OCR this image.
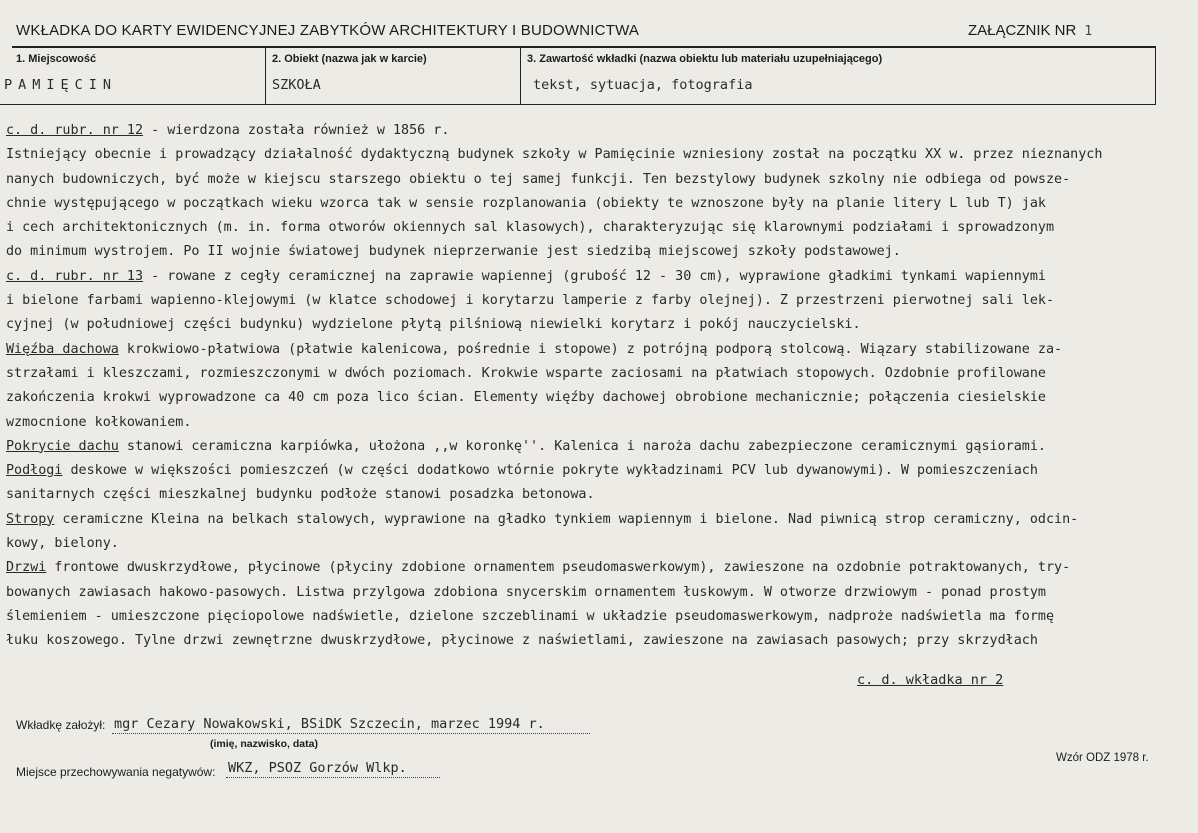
WKŁADKA DO KARTY EWIDENCYJNEJ ZABYTKÓW ARCHITEKTURY I BUDOWNICTWA	ZAŁĄCZNIK NR 1
1. Miejscowość
PAMIĘCIN
2. Obiekt (nazwa jak w karcie)
SZKOŁA
3. Zawartość wkładki (nazwa obiektu lub materiału uzupełniającego)
tekst, sytuacja, fotografia
c. d. rubr. nr 12 - wierdzona została również w 1856 r.
Istniejący obecnie i prowadzący działalność dydaktyczną budynek szkoły w Pamięcinie wzniesiony został na początku XX w. przez nieznanych
nanych budowniczych, być może w kiejscu starszego obiektu o tej samej funkcji. Ten bezstylowy budynek szkolny nie odbiega od powsze-
chnie występującego w początkach wieku wzorca tak w sensie rozplanowania (obiekty te wznoszone były na planie litery L lub T) jak
i cech architektonicznych (m. in. forma otworów okiennych sal klasowych), charakteryzując się klarownymi podziałami i sprowadzonym
do minimum wystrojem. Po II wojnie światowej budynek nieprzerwanie jest siedzibą miejscowej szkoły podstawowej.
c. d. rubr. nr 13 - rowane z cegły ceramicznej na zaprawie wapiennej (grubość 12 - 30 cm), wyprawione gładkimi tynkami wapiennymi
i bielone farbami wapienno-klejowymi (w klatce schodowej i korytarzu lamperie z farby olejnej). Z przestrzeni pierwotnej sali lek-
cyjnej (w południowej części budynku) wydzielone płytą pilśniową niewielki korytarz i pokój nauczycielski.
Więźba dachowa krokwiowo-płatwiowa (płatwie kalenicowa, pośrednie i stopowe) z potrójną podporą stolcową. Wiązary stabilizowane za-
strzałami i kleszczami, rozmieszczonymi w dwóch poziomach. Krokwie wsparte zaciosami na płatwiach stopowych. Ozdobnie profilowane
zakończenia krokwi wyprowadzone ca 40 cm poza lico ścian. Elementy więźby dachowej obrobione mechanicznie; połączenia ciesielskie
wzmocnione kołkowaniem.
Pokrycie dachu stanowi ceramiczna karpiówka, ułożona ,,w koronkę''. Kalenica i naroża dachu zabezpieczone ceramicznymi gąsiorami.
Podłogi deskowe w większości pomieszczeń (w części dodatkowo wtórnie pokryte wykładzinami PCV lub dywanowymi). W pomieszczeniach
sanitarnych części mieszkalnej budynku podłoże stanowi posadzka betonowa.
Stropy ceramiczne Kleina na belkach stalowych, wyprawione na gładko tynkiem wapiennym i bielone. Nad piwnicą strop ceramiczny, odcin-
kowy, bielony.
Drzwi frontowe dwuskrzydłowe, płycinowe (płyciny zdobione ornamentem pseudomaswerkowym), zawieszone na ozdobnie potraktowanych, try-
bowanych zawiasach hakowo-pasowych. Listwa przylgowa zdobiona snycerskim ornamentem łuskowym. W otworze drzwiowym - ponad prostym
ślemieniem - umieszczone pięciopolowe nadświetle, dzielone szczeblinami w układzie pseudomaswerkowym, nadproże nadświetla ma formę
łuku koszowego. Tylne drzwi zewnętrzne dwuskrzydłowe, płycinowe z naświetlami, zawieszone na zawiasach pasowych; przy skrzydłach
c. d. wkładka nr 2
Wkładkę założył: mgr Cezary Nowakowski, BSiDK Szczecin, marzec 1994 r.
(imię, nazwisko, data)
Miejsce przechowywania negatywów: WKZ, PSOZ Gorzów Wlkp.
Wzór ODZ 1978 r.
